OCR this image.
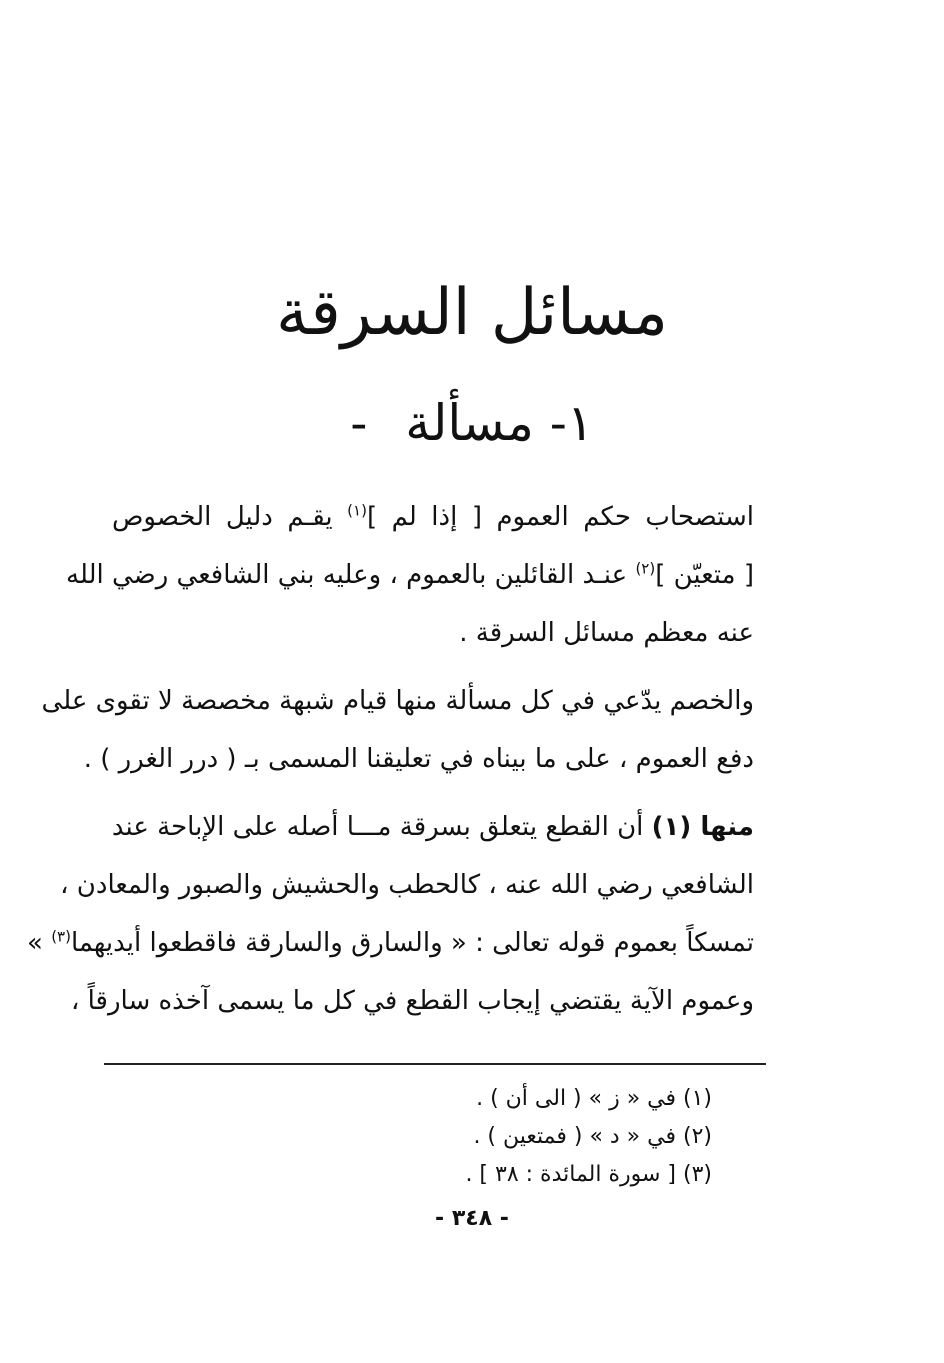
مسائل السرقة
-١- مسألة
استصحاب حكم العموم [ إذا لم ]$^{(١)}$ يقـم دليل الخصوص
[ متعيّن ]$^{(٢)}$ عنـد القائلين بالعموم ، وعليه بني الشافعي رضي الله
عنه معظم مسائل السرقة .
والخصم يدّعي في كل مسألة منها قيام شبهة مخصصة لا تقوى على
دفع العموم ، على ما بيناه في تعليقنا المسمى بـ ( درر الغرر ) .
منها (١) أن القطع يتعلق بسرقة مـــا أصله على الإباحة عند
الشافعي رضي الله عنه ، كالحطب والحشيش والصبور والمعادن ،
تمسكاً بعموم قوله تعالى : « والسارق والسارقة فاقطعوا أيديهما$^{(٣)}$ »
وعموم الآية يقتضي إيجاب القطع في كل ما يسمى آخذه سارقاً ،
(١) في « ز » ( الى أن ) .
(٢) في « د » ( فمتعين ) .
(٣) [ سورة المائدة : ٣٨ ] .
- ٣٤٨ -
